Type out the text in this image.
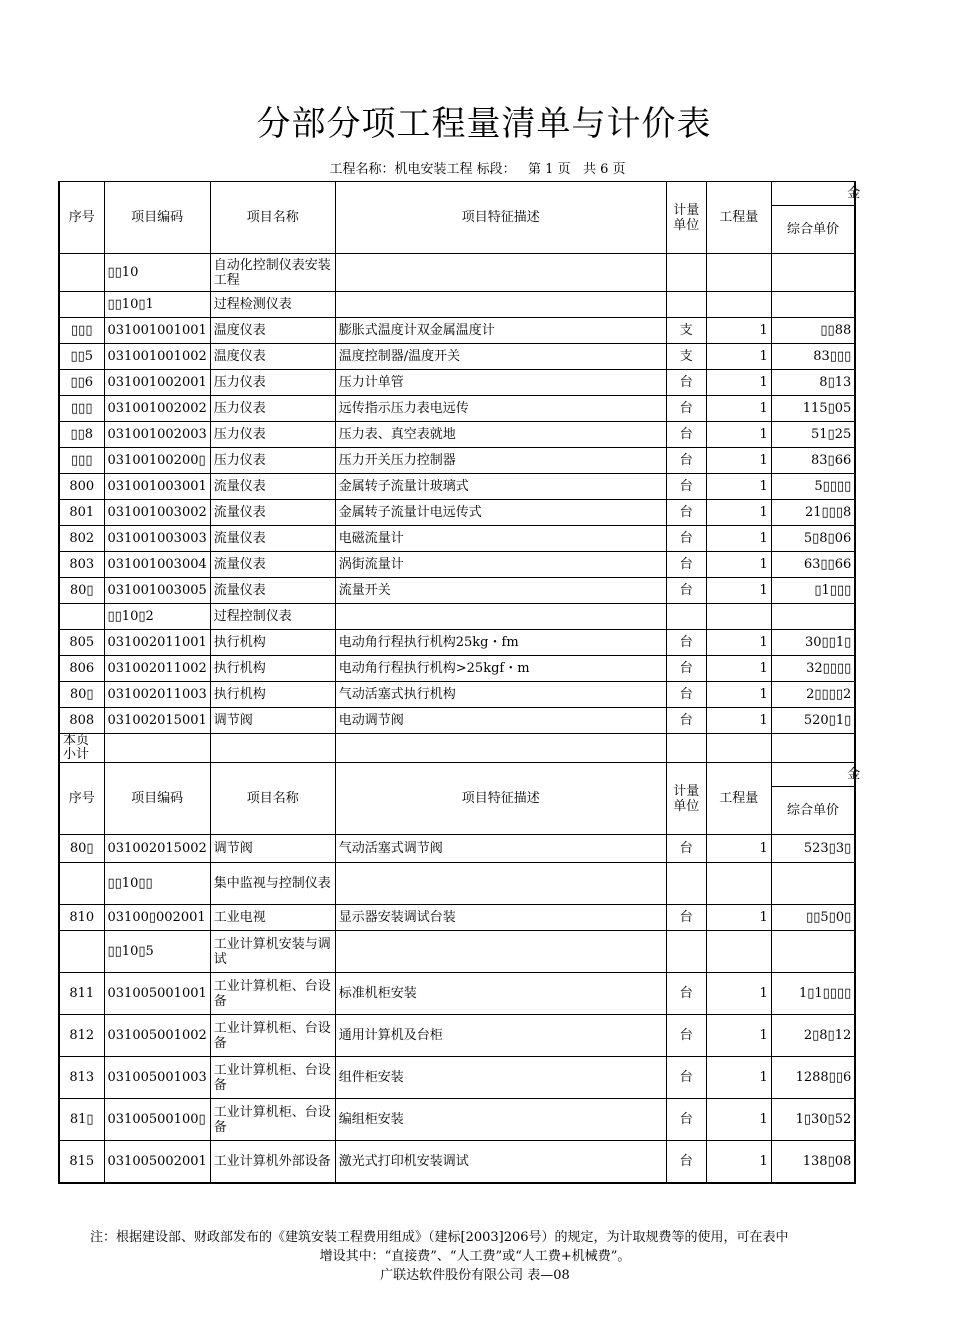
分部分项工程量清单与计价表
工程名称：机电安装工程 标段：   第 1 页   共 6 页
序号	项目编码	项目名称	项目特征描述	计量单位	工程量	金

						综合单价
	▯▯10	自动化控制仪表安装工程				
	▯▯10▯1	过程检测仪表				
▯▯▯	031001001001	温度仪表	膨胀式温度计双金属温度计	支	1	▯▯88
▯▯5	031001001002	温度仪表	温度控制器/温度开关	支	1	83▯▯▯
▯▯6	031001002001	压力仪表	压力计单管	台	1	8▯13
▯▯▯	031001002002	压力仪表	远传指示压力表电远传	台	1	115▯05
▯▯8	031001002003	压力仪表	压力表、真空表就地	台	1	51▯25
▯▯▯	03100100200▯	压力仪表	压力开关压力控制器	台	1	83▯66
800	031001003001	流量仪表	金属转子流量计玻璃式	台	1	5▯▯▯▯
801	031001003002	流量仪表	金属转子流量计电远传式	台	1	21▯▯▯8
802	031001003003	流量仪表	电磁流量计	台	1	5▯8▯06
803	031001003004	流量仪表	涡街流量计	台	1	63▯▯66
80▯	031001003005	流量仪表	流量开关	台	1	▯1▯▯▯
	▯▯10▯2	过程控制仪表				
805	031002011001	执行机构	电动角行程执行机构25kg・fm	台	1	30▯▯1▯
806	031002011002	执行机构	电动角行程执行机构>25kgf・m	台	1	32▯▯▯▯
80▯	031002011003	执行机构	气动活塞式执行机构	台	1	2▯▯▯▯2
808	031002015001	调节阀	电动调节阀	台	1	520▯1▯
本页小计						
序号	项目编码	项目名称	项目特征描述	计量单位	工程量	金

						综合单价
80▯	031002015002	调节阀	气动活塞式调节阀	台	1	523▯3▯
	▯▯10▯▯	集中监视与控制仪表				
810	03100▯002001	工业电视	显示器安装调试台装	台	1	▯▯5▯0▯
	▯▯10▯5	工业计算机安装与调试				
811	031005001001	工业计算机柜、台设备	标准机柜安装	台	1	1▯1▯▯▯▯
812	031005001002	工业计算机柜、台设备	通用计算机及台柜	台	1	2▯8▯12
813	031005001003	工业计算机柜、台设备	组件柜安装	台	1	1288▯▯6
81▯	03100500100▯	工业计算机柜、台设备	编组柜安装	台	1	1▯30▯52
815	031005002001	工业计算机外部设备	激光式打印机安装调试	台	1	138▯08
注：根据建设部、财政部发布的《建筑安装工程费用组成》（建标[2003]206号）的规定，为计取规费等的使用，可在表中
增设其中：“直接费”、“人工费”或“人工费+机械费”。
广联达软件股份有限公司 表—08
